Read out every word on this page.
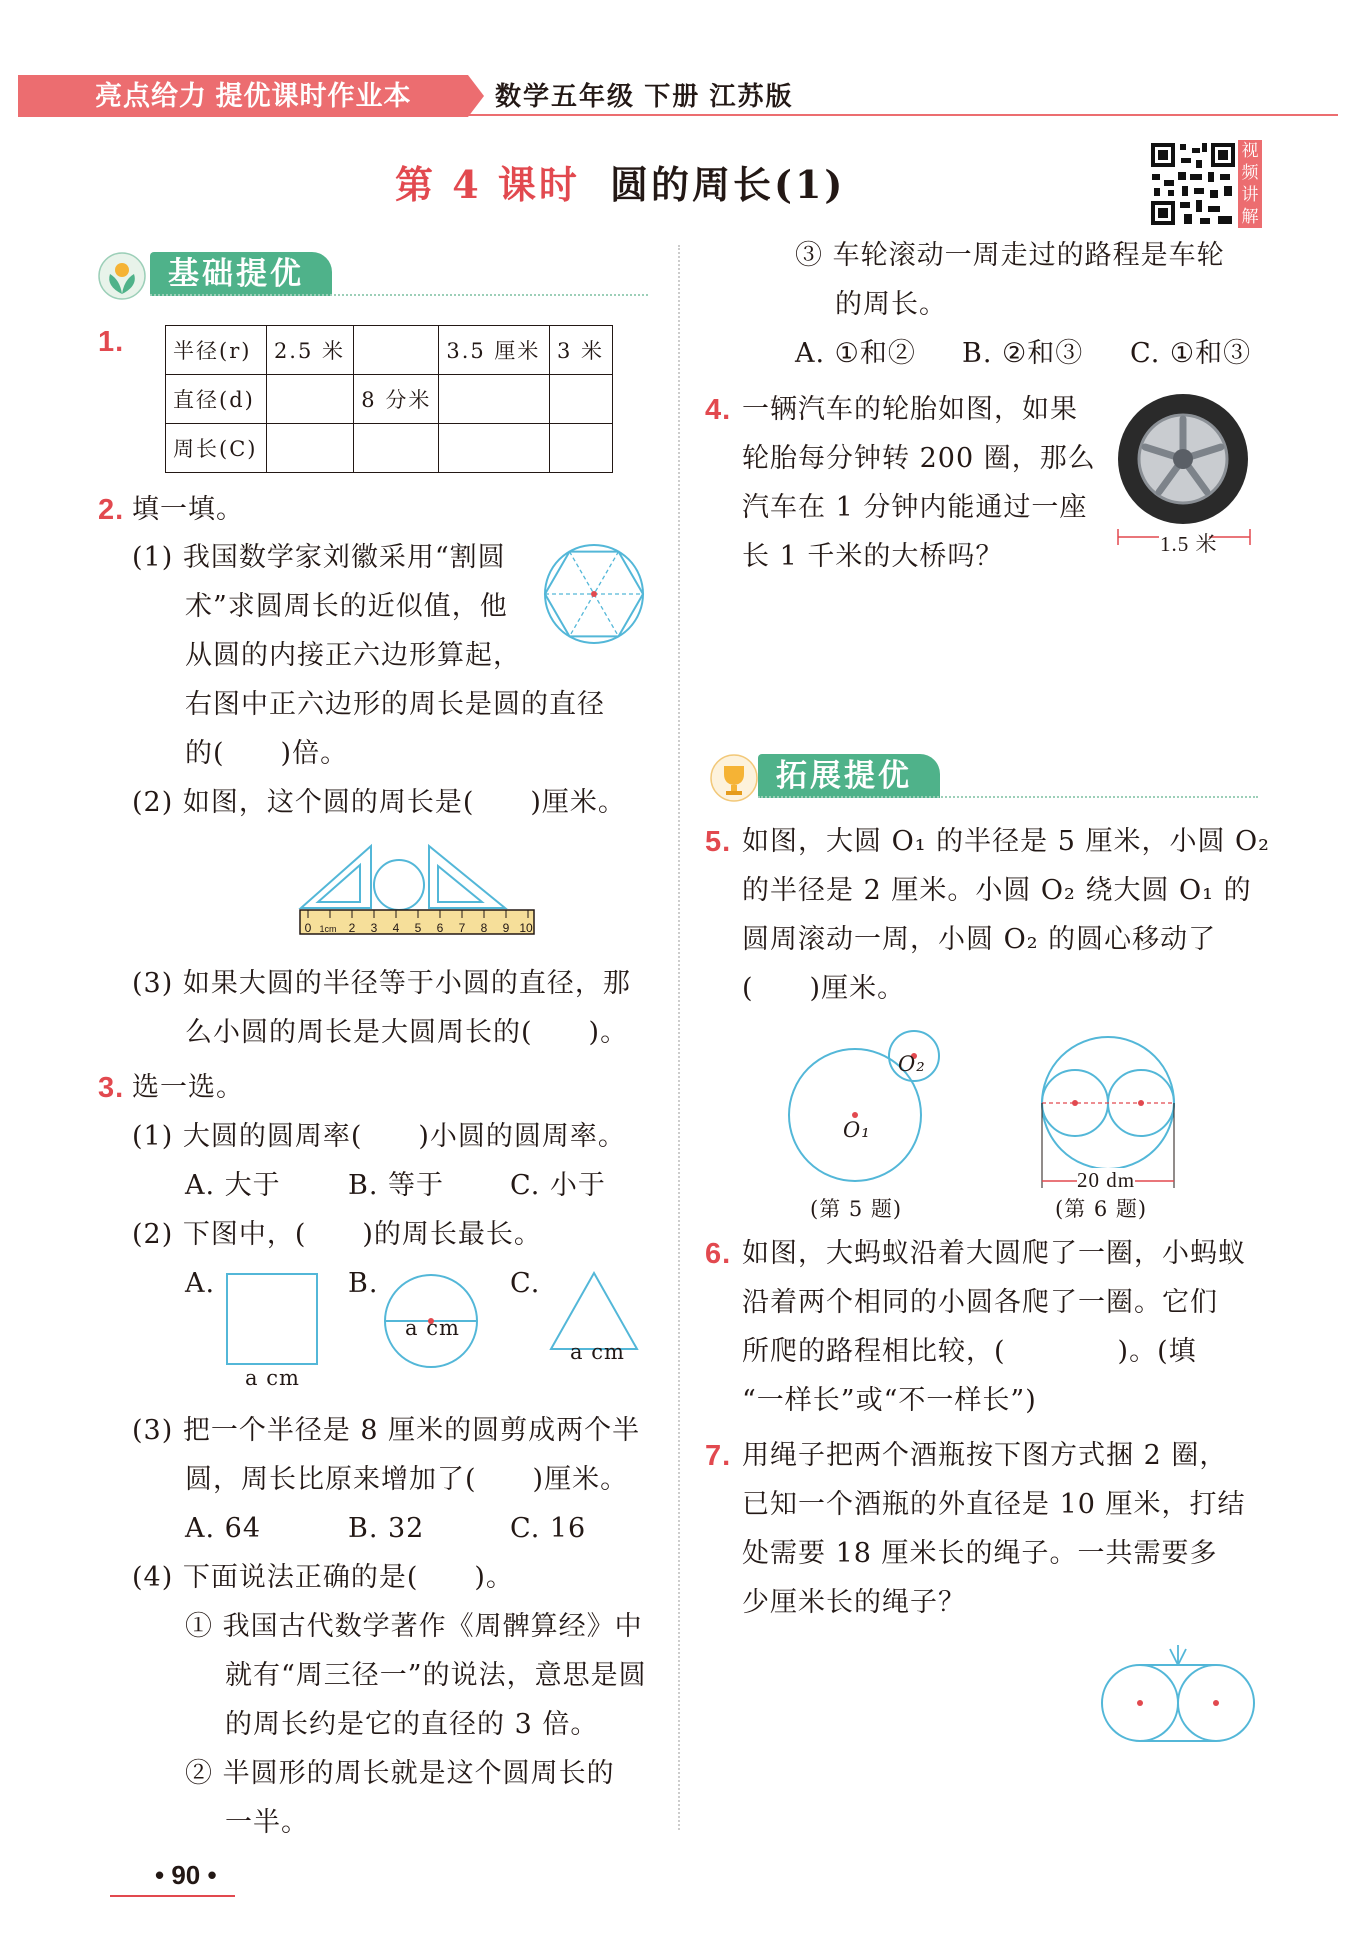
亮点给力 提优课时作业本	数学五年级 下册 江苏版
第 4 课时 圆的周长(1)
视
频
讲
解
基础提优
1. 半径(r)	2.5 米		3.5 厘米	3 米
直径(d)		8 分米		
周长(C)				
2. 填一填。
(1) 我国数学家刘徽采用“割圆
术”求圆周长的近似值，他
从圆的内接正六边形算起，
右图中正六边形的周长是圆的直径
的(　　)倍。
(2) 如图，这个圆的周长是(　　)厘米。
0 1cm 2 3 4 5 6 7 8 9 10
(3) 如果大圆的半径等于小圆的直径，那
么小圆的周长是大圆周长的(　　)。
3. 选一选。
(1) 大圆的圆周率(　　)小圆的圆周率。
A. 大于 B. 等于 C. 小于
(2) 下图中，(　　)的周长最长。
A.	B.	C.
a cm
a cm
a cm
(3) 把一个半径是 8 厘米的圆剪成两个半
圆，周长比原来增加了(　　)厘米。
A. 64	B. 32	C. 16
(4) 下面说法正确的是(　　)。
① 我国古代数学著作《周髀算经》中
就有“周三径一”的说法，意思是圆
的周长约是它的直径的 3 倍。
② 半圆形的周长就是这个圆周长的
一半。
③ 车轮滚动一周走过的路程是车轮
的周长。
A. ①和② B. ②和③ C. ①和③
4. 一辆汽车的轮胎如图，如果
轮胎每分钟转 200 圈，那么
汽车在 1 分钟内能通过一座
长 1 千米的大桥吗？	1.5 米
拓展提优
5. 如图，大圆 O₁ 的半径是 5 厘米，小圆 O₂
的半径是 2 厘米。小圆 O₂ 绕大圆 O₁ 的
圆周滚动一周，小圆 O₂ 的圆心移动了
(　　)厘米。
O₁
O₂
(第 5 题)
20 dm
(第 6 题)
6. 如图，大蚂蚁沿着大圆爬了一圈，小蚂蚁
沿着两个相同的小圆各爬了一圈。它们
所爬的路程相比较，(　　　　)。(填
“一样长”或“不一样长”)
7. 用绳子把两个酒瓶按下图方式捆 2 圈，
已知一个酒瓶的外直径是 10 厘米，打结
处需要 18 厘米长的绳子。一共需要多
少厘米长的绳子？
• 90 •
